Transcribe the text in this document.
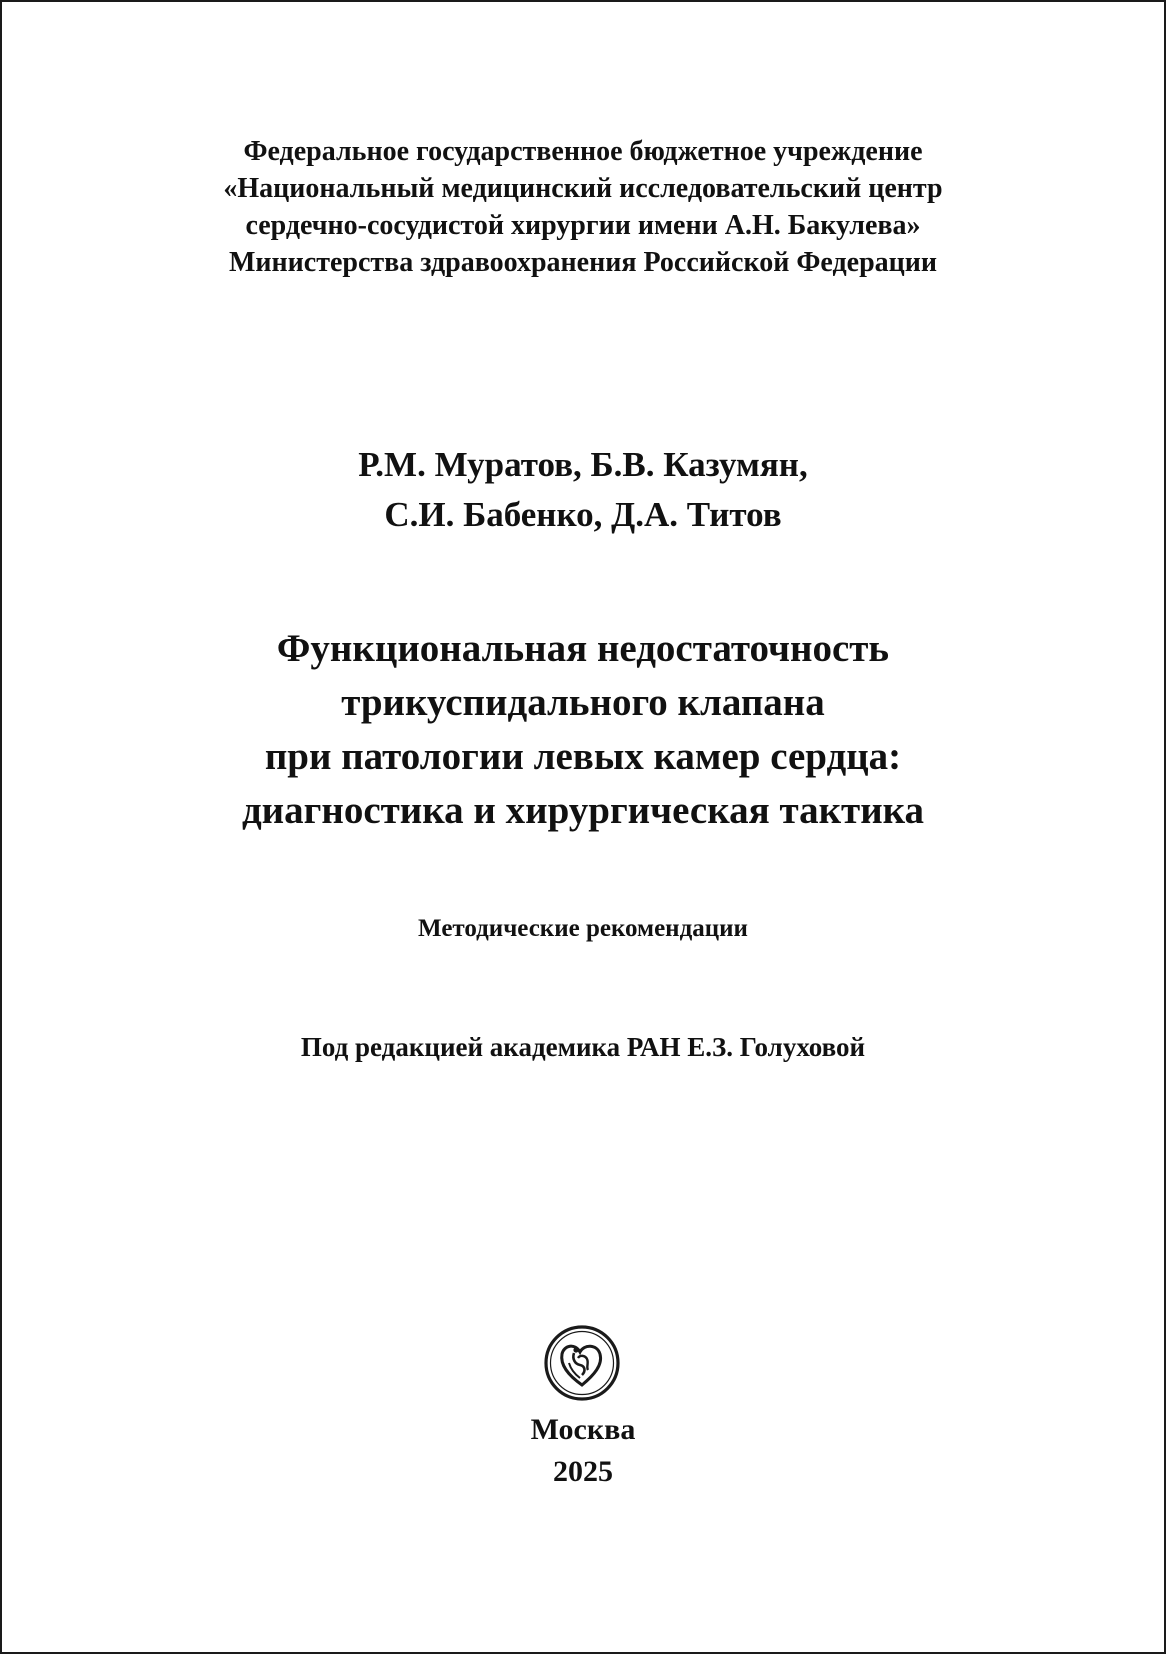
Федеральное государственное бюджетное учреждение
«Национальный медицинский исследовательский центр
сердечно-сосудистой хирургии имени А.Н. Бакулева»
Министерства здравоохранения Российской Федерации
Р.М. Муратов, Б.В. Казумян,
С.И. Бабенко, Д.А. Титов
Функциональная недостаточность
трикуспидального клапана
при патологии левых камер сердца:
диагностика и хирургическая тактика
Методические рекомендации
Под редакцией академика РАН Е.З. Голуховой
Москва
2025
